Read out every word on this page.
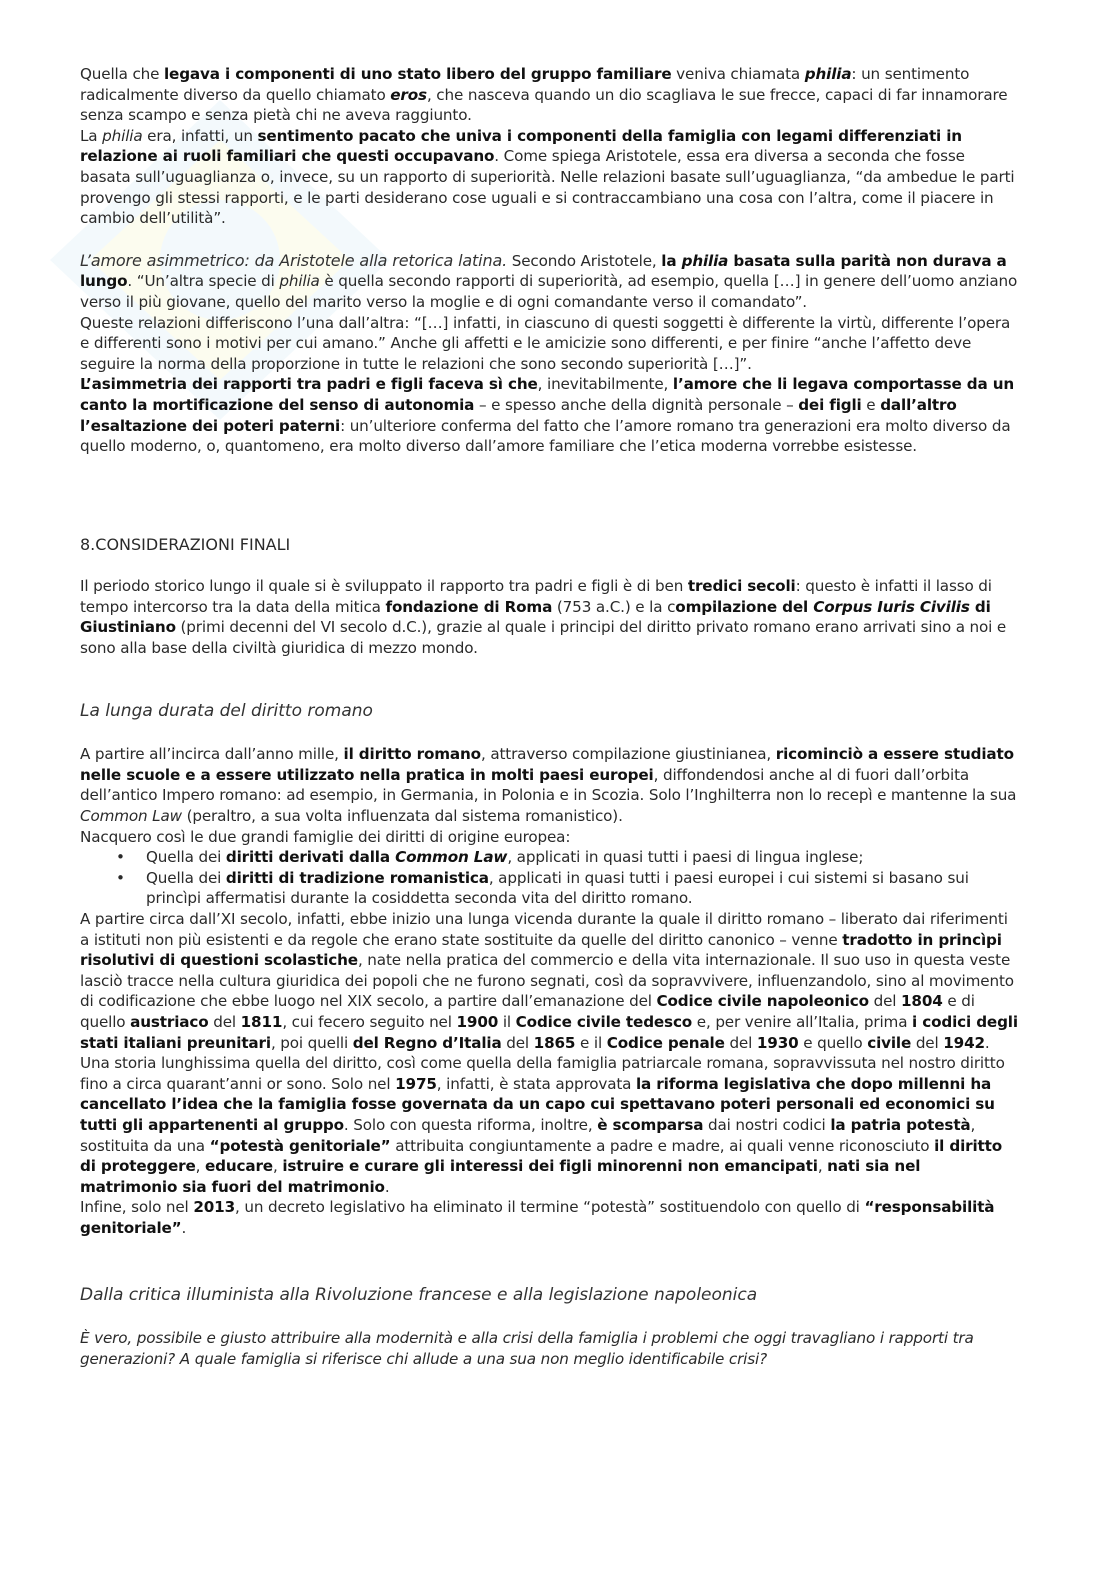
Quella che legava i componenti di uno stato libero del gruppo familiare veniva chiamata philia: un sentimento radicalmente diverso da quello chiamato eros, che nasceva quando un dio scagliava le sue frecce, capaci di far innamorare senza scampo e senza pietà chi ne aveva raggiunto.

La philia era, infatti, un sentimento pacato che univa i componenti della famiglia con legami differenziati in relazione ai ruoli familiari che questi occupavano. Come spiega Aristotele, essa era diversa a seconda che fosse basata sull’uguaglianza o, invece, su un rapporto di superiorità. Nelle relazioni basate sull’uguaglianza, “da ambedue le parti provengo gli stessi rapporti, e le parti desiderano cose uguali e si contraccambiano una cosa con l’altra, come il piacere in cambio dell’utilità”.

L’amore asimmetrico: da Aristotele alla retorica latina. Secondo Aristotele, la philia basata sulla parità non durava a lungo. “Un’altra specie di philia è quella secondo rapporti di superiorità, ad esempio, quella […] in genere dell’uomo anziano verso il più giovane, quello del marito verso la moglie e di ogni comandante verso il comandato”.

Queste relazioni differiscono l’una dall’altra: “[…] infatti, in ciascuno di questi soggetti è differente la virtù, differente l’opera e differenti sono i motivi per cui amano.” Anche gli affetti e le amicizie sono differenti, e per finire “anche l’affetto deve seguire la norma della proporzione in tutte le relazioni che sono secondo superiorità […]”.

L’asimmetria dei rapporti tra padri e figli faceva sì che, inevitabilmente, l’amore che li legava comportasse da un canto la mortificazione del senso di autonomia – e spesso anche della dignità personale – dei figli e dall’altro l’esaltazione dei poteri paterni: un’ulteriore conferma del fatto che l’amore romano tra generazioni era molto diverso da quello moderno, o, quantomeno, era molto diverso dall’amore familiare che l’etica moderna vorrebbe esistesse.

8.CONSIDERAZIONI FINALI

Il periodo storico lungo il quale si è sviluppato il rapporto tra padri e figli è di ben tredici secoli: questo è infatti il lasso di tempo intercorso tra la data della mitica fondazione di Roma (753 a.C.) e la compilazione del Corpus Iuris Civilis di Giustiniano (primi decenni del VI secolo d.C.), grazie al quale i principi del diritto privato romano erano arrivati sino a noi e sono alla base della civiltà giuridica di mezzo mondo.

La lunga durata del diritto romano

A partire all’incirca dall’anno mille, il diritto romano, attraverso compilazione giustinianea, ricominciò a essere studiato nelle scuole e a essere utilizzato nella pratica in molti paesi europei, diffondendosi anche al di fuori dall’orbita dell’antico Impero romano: ad esempio, in Germania, in Polonia e in Scozia. Solo l’Inghilterra non lo recepì e mantenne la sua Common Law (peraltro, a sua volta influenzata dal sistema romanistico).

Nacquero così le due grandi famiglie dei diritti di origine europea:

• Quella dei diritti derivati dalla Common Law, applicati in quasi tutti i paesi di lingua inglese;
• Quella dei diritti di tradizione romanistica, applicati in quasi tutti i paesi europei i cui sistemi si basano sui princìpi affermatisi durante la cosiddetta seconda vita del diritto romano.

A partire circa dall’XI secolo, infatti, ebbe inizio una lunga vicenda durante la quale il diritto romano – liberato dai riferimenti a istituti non più esistenti e da regole che erano state sostituite da quelle del diritto canonico – venne tradotto in princìpi risolutivi di questioni scolastiche, nate nella pratica del commercio e della vita internazionale. Il suo uso in questa veste lasciò tracce nella cultura giuridica dei popoli che ne furono segnati, così da sopravvivere, influenzandolo, sino al movimento di codificazione che ebbe luogo nel XIX secolo, a partire dall’emanazione del Codice civile napoleonico del 1804 e di quello austriaco del 1811, cui fecero seguito nel 1900 il Codice civile tedesco e, per venire all’Italia, prima i codici degli stati italiani preunitari, poi quelli del Regno d’Italia del 1865 e il Codice penale del 1930 e quello civile del 1942.

Una storia lunghissima quella del diritto, così come quella della famiglia patriarcale romana, sopravvissuta nel nostro diritto fino a circa quarant’anni or sono. Solo nel 1975, infatti, è stata approvata la riforma legislativa che dopo millenni ha cancellato l’idea che la famiglia fosse governata da un capo cui spettavano poteri personali ed economici su tutti gli appartenenti al gruppo. Solo con questa riforma, inoltre, è scomparsa dai nostri codici la patria potestà, sostituita da una “potestà genitoriale” attribuita congiuntamente a padre e madre, ai quali venne riconosciuto il diritto di proteggere, educare, istruire e curare gli interessi dei figli minorenni non emancipati, nati sia nel matrimonio sia fuori del matrimonio.

Infine, solo nel 2013, un decreto legislativo ha eliminato il termine “potestà” sostituendolo con quello di “responsabilità genitoriale”.

Dalla critica illuminista alla Rivoluzione francese e alla legislazione napoleonica

È vero, possibile e giusto attribuire alla modernità e alla crisi della famiglia i problemi che oggi travagliano i rapporti tra generazioni? A quale famiglia si riferisce chi allude a una sua non meglio identificabile crisi?
